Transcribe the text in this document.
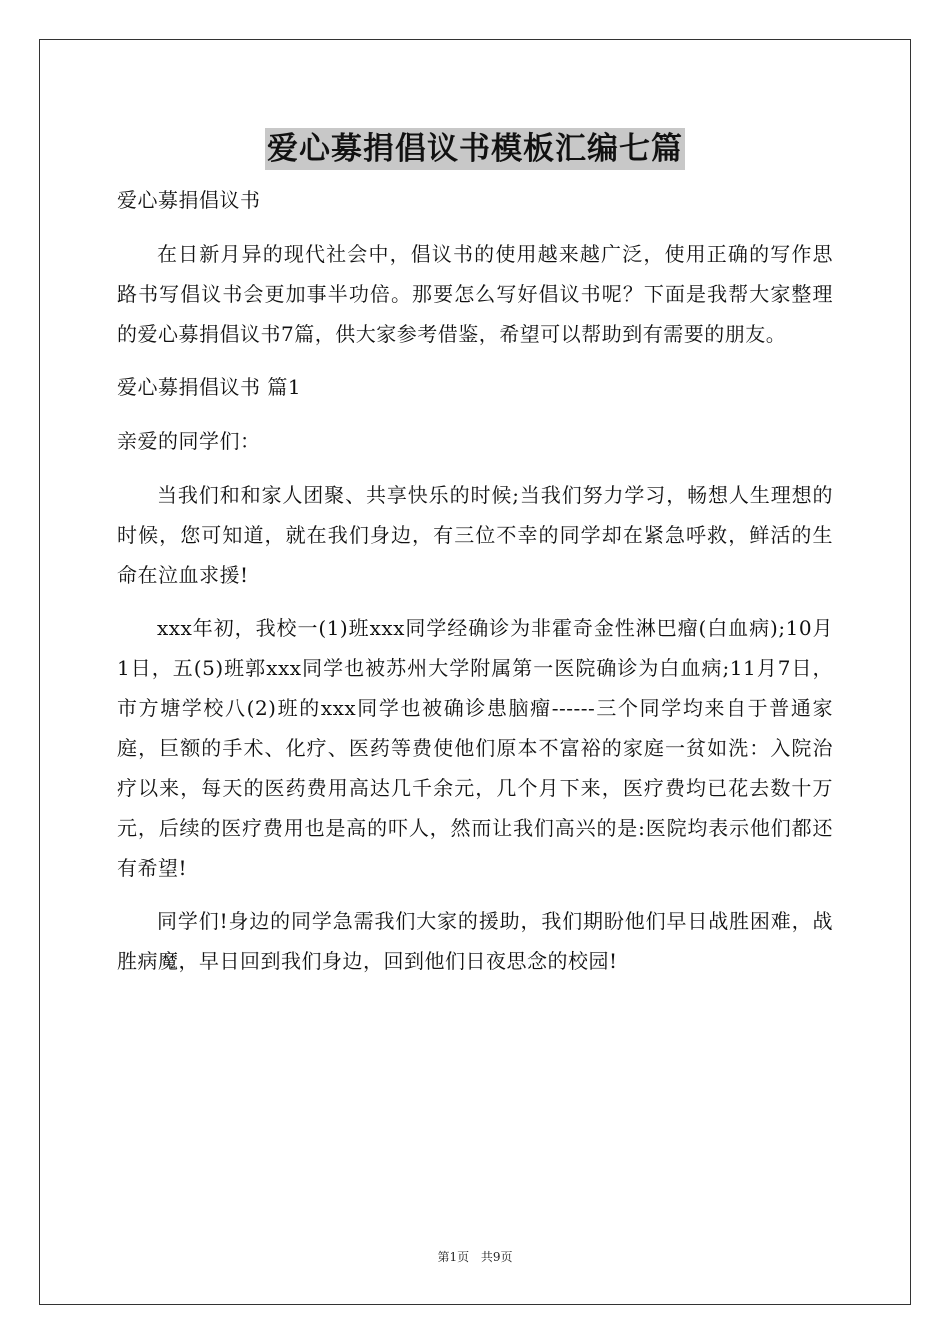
爱心募捐倡议书模板汇编七篇

爱心募捐倡议书

在日新月异的现代社会中，倡议书的使用越来越广泛，使用正确的写作思路书写倡议书会更加事半功倍。那要怎么写好倡议书呢？下面是我帮大家整理的爱心募捐倡议书7篇，供大家参考借鉴，希望可以帮助到有需要的朋友。

爱心募捐倡议书 篇1

亲爱的同学们：

当我们和和家人团聚、共享快乐的时候;当我们努力学习，畅想人生理想的时候，您可知道，就在我们身边，有三位不幸的同学却在紧急呼救，鲜活的生命在泣血求援!

xxx年初，我校一(1)班xxx同学经确诊为非霍奇金性淋巴瘤(白血病);10月1日，五(5)班郭xxx同学也被苏州大学附属第一医院确诊为白血病;11月7日，市方塘学校八(2)班的xxx同学也被确诊患脑瘤------三个同学均来自于普通家庭，巨额的手术、化疗、医药等费使他们原本不富裕的家庭一贫如洗：入院治疗以来，每天的医药费用高达几千余元，几个月下来，医疗费均已花去数十万元，后续的医疗费用也是高的吓人，然而让我们高兴的是:医院均表示他们都还有希望!

同学们!身边的同学急需我们大家的援助，我们期盼他们早日战胜困难，战胜病魔，早日回到我们身边，回到他们日夜思念的校园!

第1页 共9页
